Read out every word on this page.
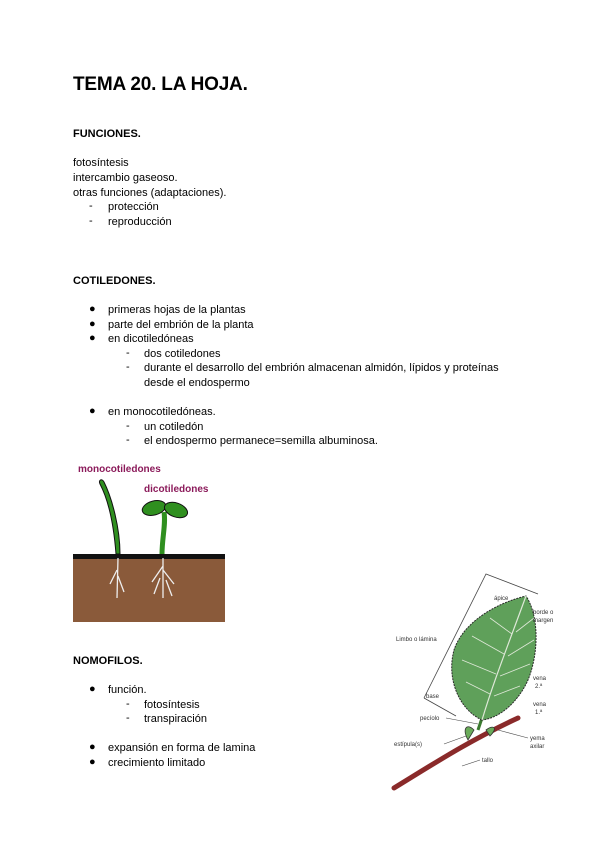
TEMA 20. LA HOJA.
FUNCIONES.
fotosíntesis
intercambio gaseoso.
otras funciones (adaptaciones).
- protección
- reproducción
COTILEDONES.
● primeras hojas de la plantas
● parte del embrión de la planta
● en dicotiledóneas
- dos cotiledones
- durante el desarrollo del embrión almacenan almidón, lípidos y proteínas
desde el endospermo
● en monocotiledóneas.
- un cotiledón
- el endospermo permanece=semilla albuminosa.
monocotiledones
dicotiledones
NOMOFILOS.
● función.
- fotosíntesis
- transpiración
● expansión en forma de lamina
● crecimiento limitado
ápice
borde o
margen
Limbo o lámina
vena
2.ª
vena
1.ª
base
pecíolo
yema
axilar
estípula(s)
tallo
